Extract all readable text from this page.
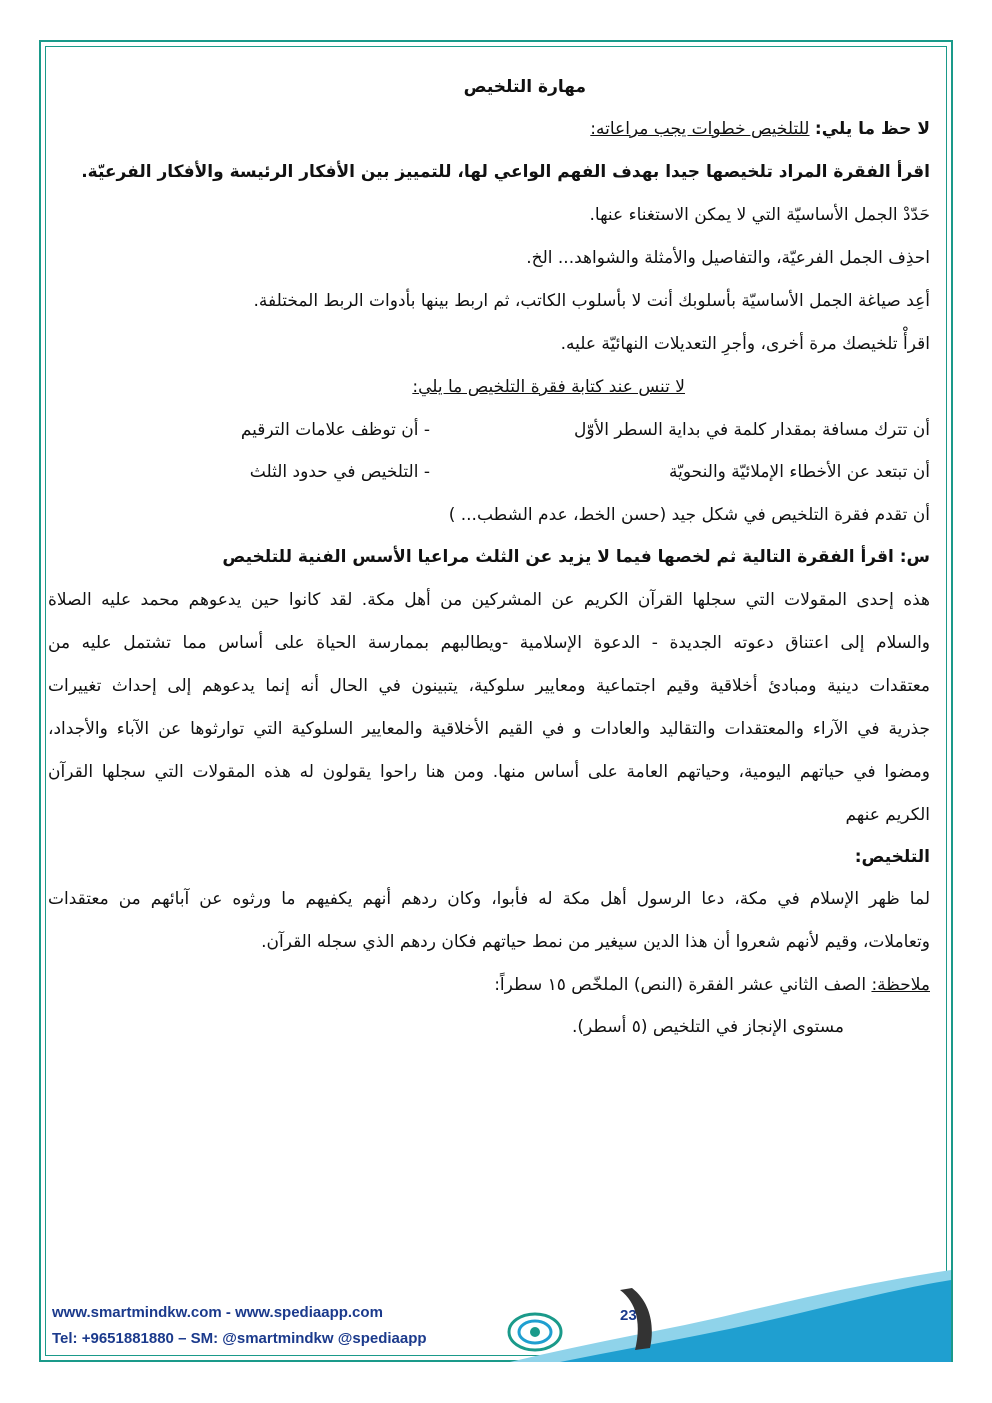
مهارة التلخيص
لا حظ ما يلي: للتلخيص خطوات يجب مراعاته:
اقرأ الفقرة المراد تلخيصها جيدا بهدف الفهم الواعي لها، للتمييز بين الأفكار الرئيسة والأفكار الفرعيّة.
حَدّدْ الجمل الأساسيّة التي لا يمكن الاستغناء عنها.
احذِف الجمل الفرعيّة، والتفاصيل والأمثلة والشواهد... الخ.
أعِد صياغة الجمل الأساسيّة بأسلوبك أنت لا بأسلوب الكاتب، ثم اربط بينها بأدوات الربط المختلفة.
اقرأْ تلخيصك مرة أخرى، وأجرِ التعديلات النهائيّة عليه.
لا تنس عند كتابة فقرة التلخيص ما يلي:
أن تترك مسافة بمقدار كلمة في بداية السطر الأوّل
- أن توظف علامات الترقيم
أن تبتعد عن الأخطاء الإملائيّة والنحويّة
- التلخيص في حدود الثلث
أن تقدم فقرة التلخيص في شكل جيد (حسن الخط، عدم الشطب... )
س: اقرأ الفقرة التالية ثم لخصها فيما لا يزيد عن الثلث مراعيا الأسس الفنية للتلخيص
هذه إحدى المقولات التي سجلها القرآن الكريم عن المشركين من أهل مكة. لقد كانوا حين يدعوهم محمد عليه الصلاة
والسلام إلى اعتناق دعوته الجديدة - الدعوة الإسلامية -ويطالبهم بممارسة الحياة على أساس مما تشتمل عليه من
معتقدات دينية ومبادئ أخلاقية وقيم اجتماعية ومعايير سلوكية، يتبينون في الحال أنه إنما يدعوهم إلى إحداث تغييرات
جذرية في الآراء والمعتقدات والتقاليد والعادات و في القيم الأخلاقية والمعايير السلوكية التي توارثوها عن الآباء والأجداد،
ومضوا في حياتهم اليومية، وحياتهم العامة على أساس منها. ومن هنا راحوا يقولون له هذه المقولات التي سجلها القرآن
الكريم عنهم
التلخيص:
لما ظهر الإسلام في مكة، دعا الرسول أهل مكة له فأبوا، وكان ردهم أنهم يكفيهم ما ورثوه عن آبائهم من معتقدات
وتعاملات، وقيم لأنهم شعروا أن هذا الدين سيغير من نمط حياتهم فكان ردهم الذي سجله القرآن.
ملاحظة: الصف الثاني عشر الفقرة (النص) الملخّص ١٥ سطراً:
مستوى الإنجاز في التلخيص (٥ أسطر).
www.smartmindkw.com - www.spediaapp.com
Tel: +9651881880 – SM: @smartmindkw @spediaapp
23
